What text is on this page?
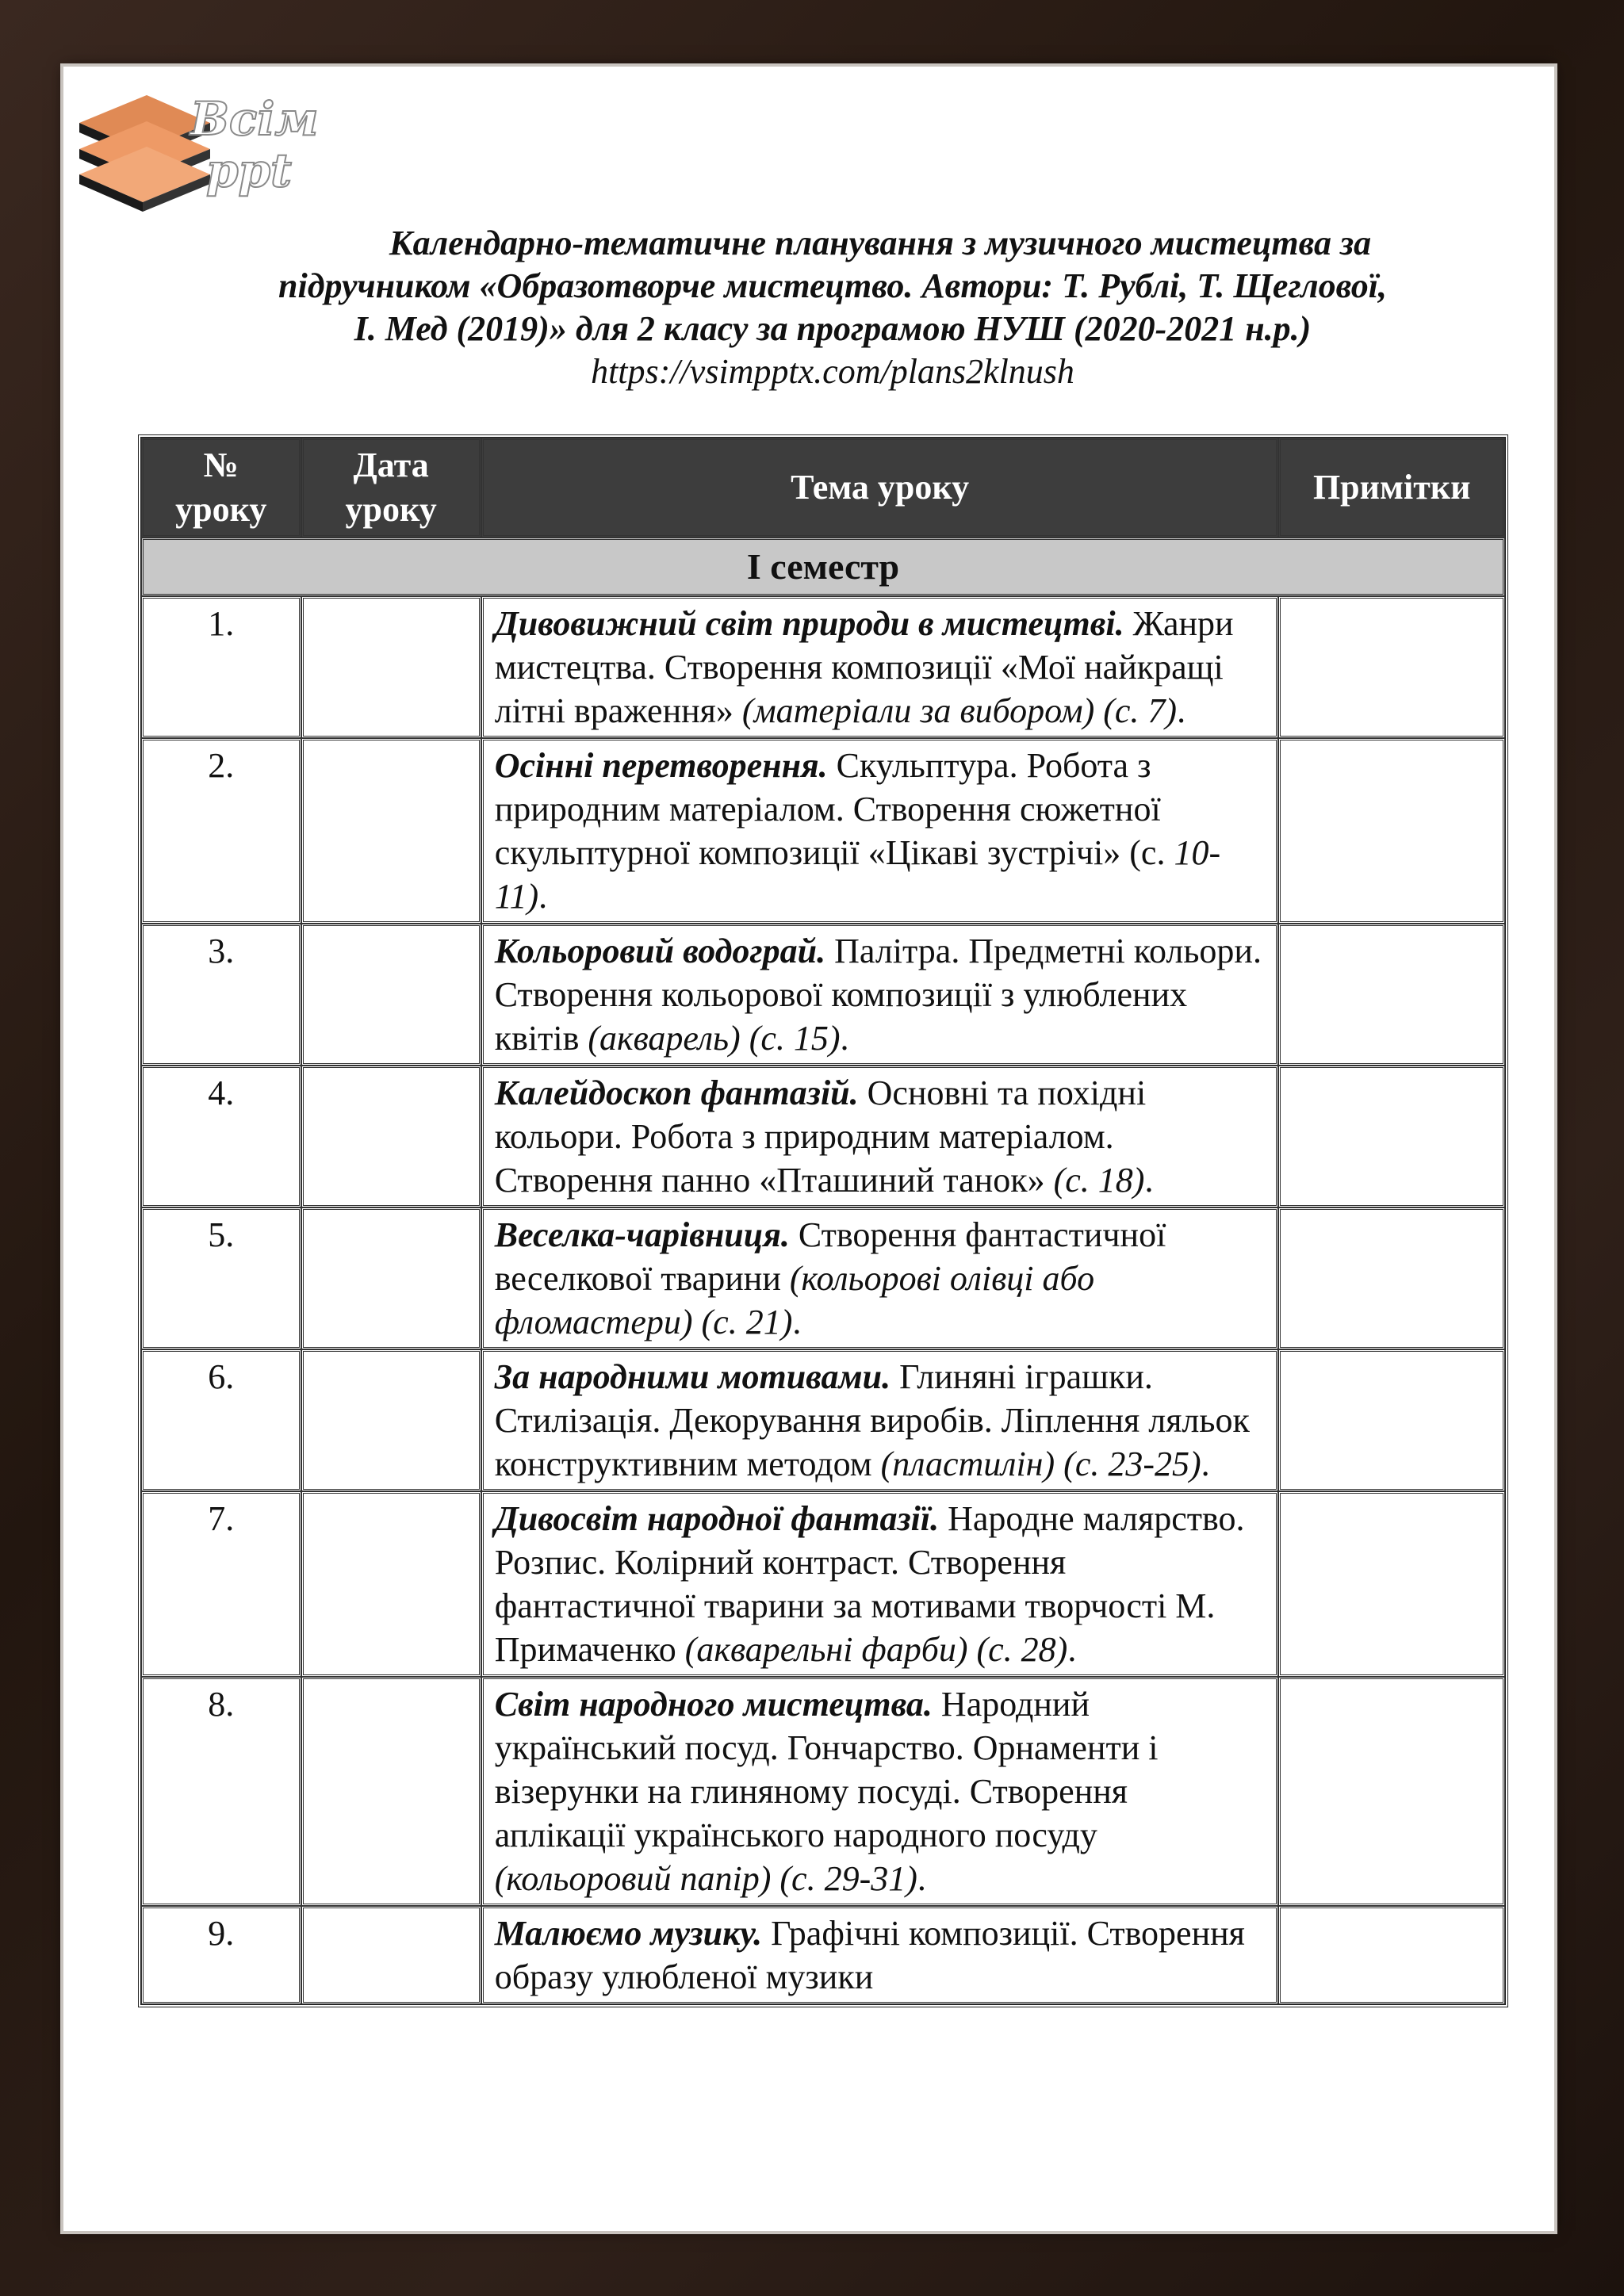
Всім
ppt
Календарно-тематичне планування з музичного мистецтва за
підручником «Образотворче мистецтво. Автори: Т. Рублі, Т. Щеглової,
І. Мед (2019)» для 2 класу за програмою НУШ (2020-2021 н.р.)
https://vsimpptx.com/plans2klnush
№ уроку	Дата уроку	Тема уроку	Примітки
І семестр			
1.		Дивовижний світ природи в мистецтві. Жанри мистецтва. Створення композиції «Мої найкращі літні враження» (матеріали за вибором) (с. 7).	
2.		Осінні перетворення. Скульптура. Робота з природним матеріалом. Створення сюжетної скульптурної композиції «Цікаві зустрічі» (с. 10-11).	
3.		Кольоровий водограй. Палітра. Предметні кольори. Створення кольорової композиції з улюблених квітів (акварель) (с. 15).	
4.		Калейдоскоп фантазій. Основні та похідні кольори. Робота з природним матеріалом. Створення панно «Пташиний танок» (с. 18).	
5.		Веселка-чарівниця. Створення фантастичної веселкової тварини (кольорові олівці або фломастери) (с. 21).	
6.		За народними мотивами. Глиняні іграшки. Стилізація. Декорування виробів. Ліплення ляльок конструктивним методом (пластилін) (с. 23-25).	
7.		Дивосвіт народної фантазії. Народне малярство. Розпис. Колірний контраст. Створення фантастичної тварини за мотивами творчості М. Примаченко (акварельні фарби) (с. 28).	
8.		Світ народного мистецтва. Народний український посуд. Гончарство. Орнаменти і візерунки на глиняному посуді. Створення аплікації українського народного посуду (кольоровий папір) (с. 29-31).	
9.		Малюємо музику. Графічні композиції. Створення образу улюбленої музики	
